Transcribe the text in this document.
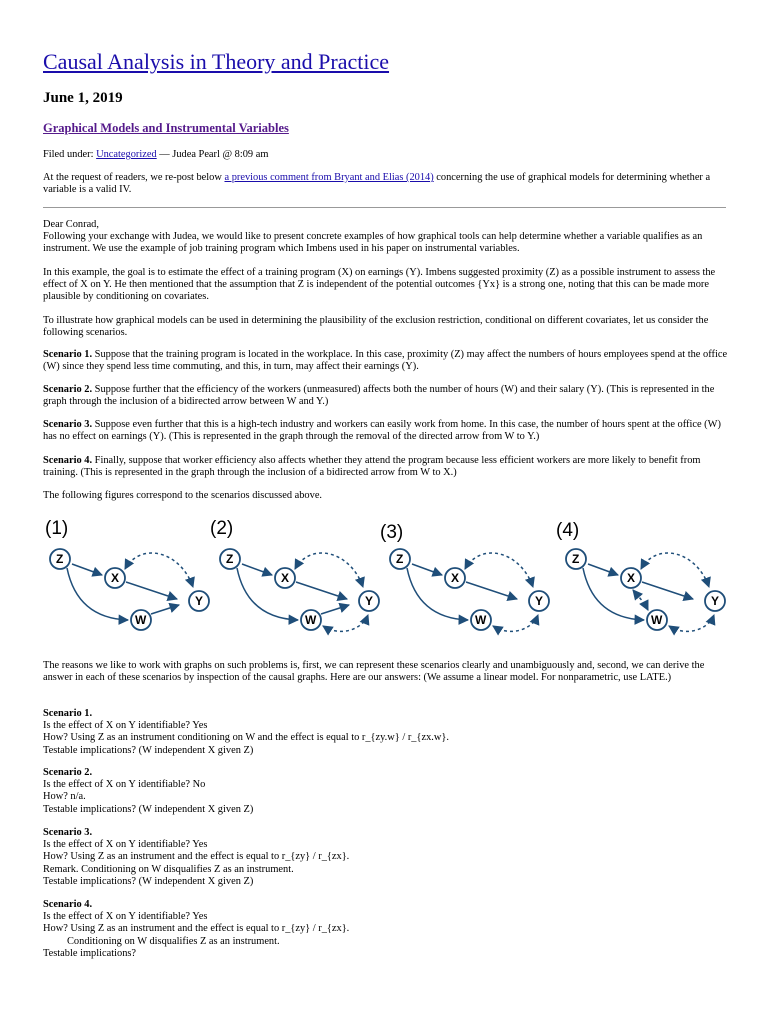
Causal Analysis in Theory and Practice
June 1, 2019
Graphical Models and Instrumental Variables
Filed under: Uncategorized — Judea Pearl @ 8:09 am
At the request of readers, we re-post below a previous comment from Bryant and Elias (2014) concerning the use of graphical models for determining whether a variable is a valid IV.
Dear Conrad,
Following your exchange with Judea, we would like to present concrete examples of how graphical tools can help determine whether a variable qualifies as an instrument. We use the example of job training program which Imbens used in his paper on instrumental variables.
In this example, the goal is to estimate the effect of a training program (X) on earnings (Y). Imbens suggested proximity (Z) as a possible instrument to assess the effect of X on Y. He then mentioned that the assumption that Z is independent of the potential outcomes {Yx} is a strong one, noting that this can be made more plausible by conditioning on covariates.
To illustrate how graphical models can be used in determining the plausibility of the exclusion restriction, conditional on different covariates, let us consider the following scenarios.
Scenario 1. Suppose that the training program is located in the workplace. In this case, proximity (Z) may affect the numbers of hours employees spend at the office (W) since they spend less time commuting, and this, in turn, may affect their earnings (Y).
Scenario 2. Suppose further that the efficiency of the workers (unmeasured) affects both the number of hours (W) and their salary (Y). (This is represented in the graph through the inclusion of a bidirected arrow between W and Y.)
Scenario 3. Suppose even further that this is a high-tech industry and workers can easily work from home. In this case, the number of hours spent at the office (W) has no effect on earnings (Y). (This is represented in the graph through the removal of the directed arrow from W to Y.)
Scenario 4. Finally, suppose that worker efficiency also affects whether they attend the program because less efficient workers are more likely to benefit from training. (This is represented in the graph through the inclusion of a bidirected arrow from W to X.)
The following figures correspond to the scenarios discussed above.
(1)
Z
X
Y
W
(2)
Z
X
Y
W
(3)
Z
X
Y
W
(4)
Z
X
Y
W
The reasons we like to work with graphs on such problems is, first, we can represent these scenarios clearly and unambiguously and, second, we can derive the answer in each of these scenarios by inspection of the causal graphs. Here are our answers: (We assume a linear model. For nonparametric, use LATE.)
Scenario 1.
Is the effect of X on Y identifiable? Yes
How? Using Z as an instrument conditioning on W and the effect is equal to r_{zy.w} / r_{zx.w}.
Testable implications? (W independent X given Z)
Scenario 2.
Is the effect of X on Y identifiable? No
How? n/a.
Testable implications? (W independent X given Z)
Scenario 3.
Is the effect of X on Y identifiable? Yes
How? Using Z as an instrument and the effect is equal to r_{zy} / r_{zx}.
Remark. Conditioning on W disqualifies Z as an instrument.
Testable implications? (W independent X given Z)
Scenario 4.
Is the effect of X on Y identifiable? Yes
How? Using Z as an instrument and the effect is equal to r_{zy} / r_{zx}.
Conditioning on W disqualifies Z as an instrument.
Testable implications?
